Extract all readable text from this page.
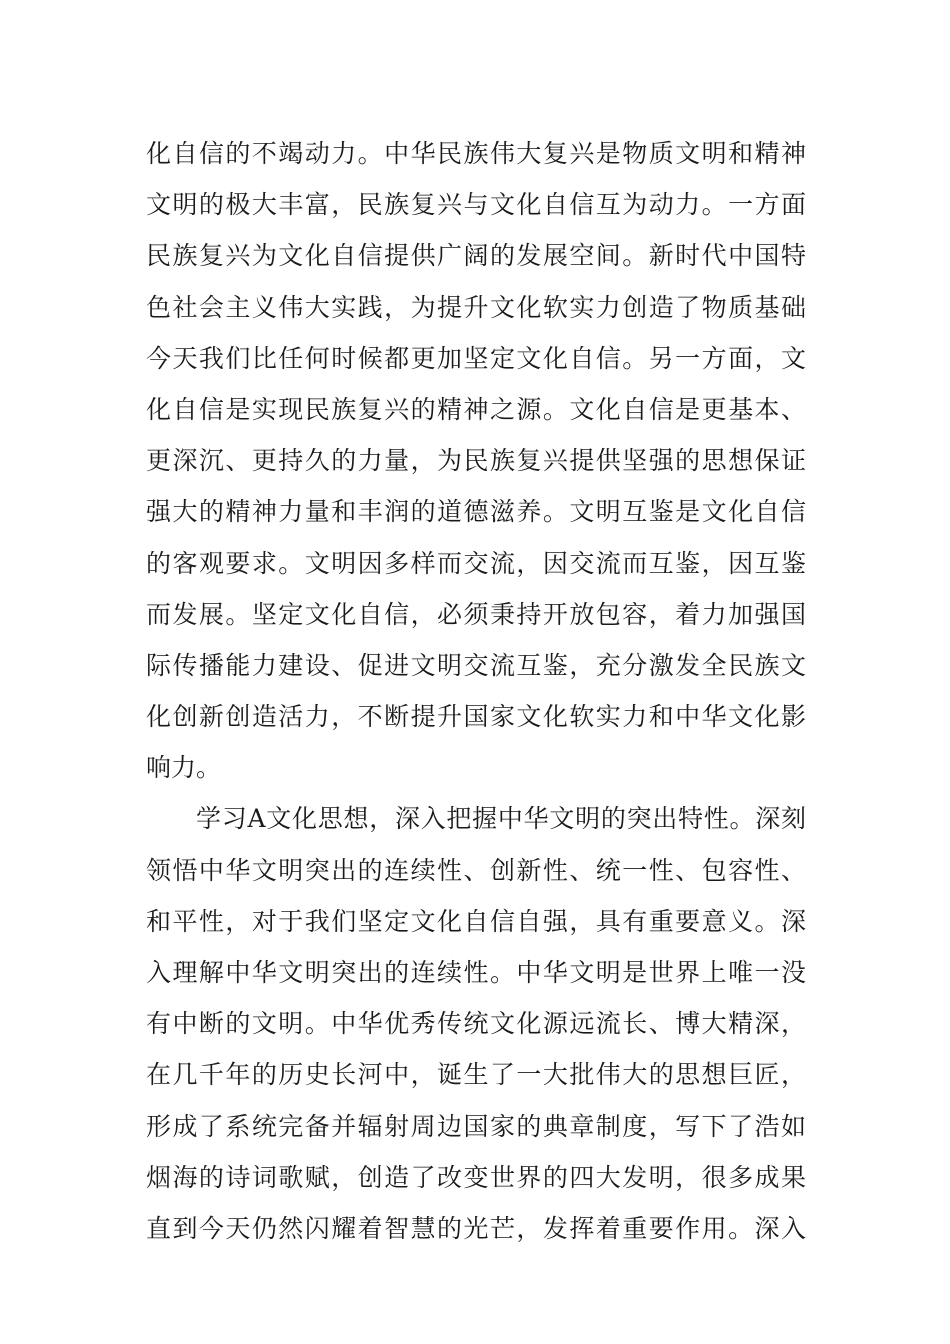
化自信的不竭动力。中华民族伟大复兴是物质文明和精神
文明的极大丰富，民族复兴与文化自信互为动力。一方面
民族复兴为文化自信提供广阔的发展空间。新时代中国特
色社会主义伟大实践，为提升文化软实力创造了物质基础
今天我们比任何时候都更加坚定文化自信。另一方面，文
化自信是实现民族复兴的精神之源。文化自信是更基本、
更深沉、更持久的力量，为民族复兴提供坚强的思想保证
强大的精神力量和丰润的道德滋养。文明互鉴是文化自信
的客观要求。文明因多样而交流，因交流而互鉴，因互鉴
而发展。坚定文化自信，必须秉持开放包容，着力加强国
际传播能力建设、促进文明交流互鉴，充分激发全民族文
化创新创造活力，不断提升国家文化软实力和中华文化影
响力。
学习A文化思想，深入把握中华文明的突出特性。深刻
领悟中华文明突出的连续性、创新性、统一性、包容性、
和平性，对于我们坚定文化自信自强，具有重要意义。深
入理解中华文明突出的连续性。中华文明是世界上唯一没
有中断的文明。中华优秀传统文化源远流长、博大精深，
在几千年的历史长河中，诞生了一大批伟大的思想巨匠，
形成了系统完备并辐射周边国家的典章制度，写下了浩如
烟海的诗词歌赋，创造了改变世界的四大发明，很多成果
直到今天仍然闪耀着智慧的光芒，发挥着重要作用。深入
